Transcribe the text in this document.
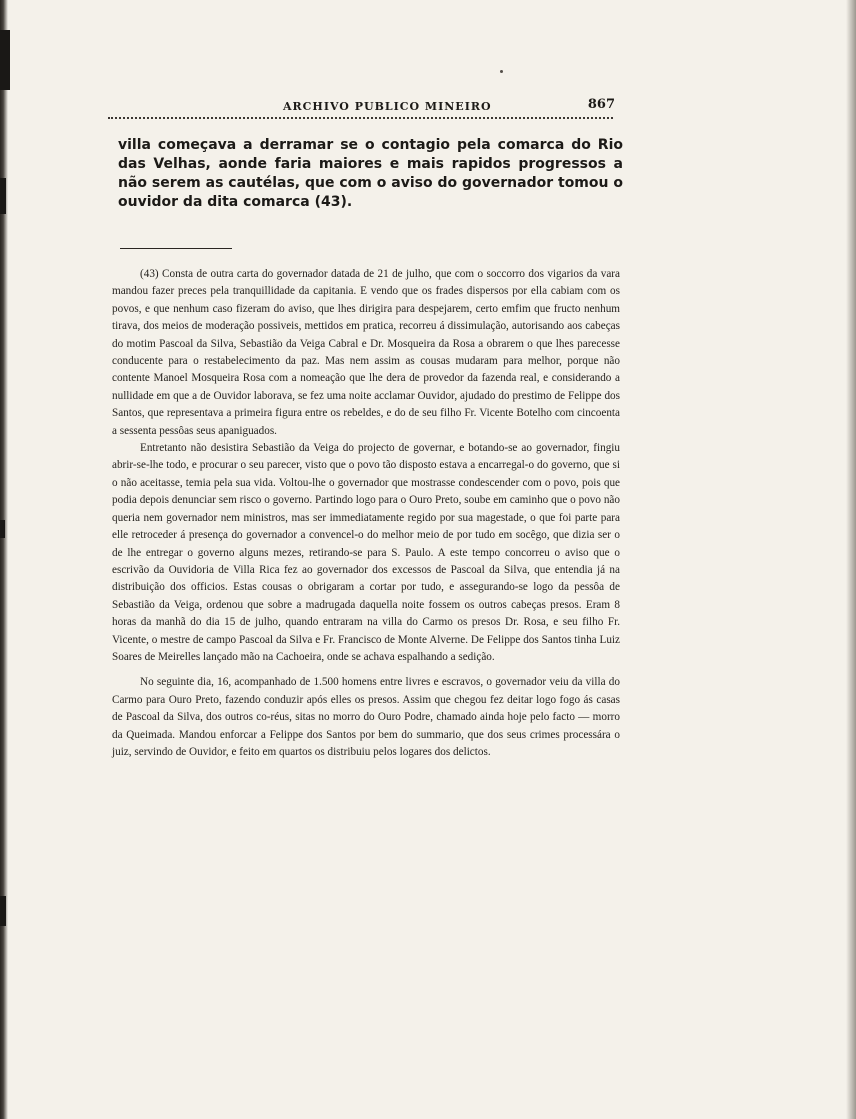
ARCHIVO PUBLICO MINEIRO	867
villa começava a derramar se o contagio pela comarca do Rio das Velhas, aonde faria maiores e mais rapidos progressos a não serem as cautélas, que com o aviso do governador tomou o ouvidor da dita comarca (43).

(43) Consta de outra carta do governador datada de 21 de julho, que com o soccorro dos vigarios da vara mandou fazer preces pela tranquillidade da capitania. E vendo que os frades dispersos por ella cabiam com os povos, e que nenhum caso fizeram do aviso, que lhes dirigira para despejarem, certo emfim que fructo nenhum tirava, dos meios de moderação possiveis, mettidos em pratica, recorreu á dissimulação, autorisando aos cabeças do motim Pascoal da Silva, Sebastião da Veiga Cabral e Dr. Mosqueira da Rosa a obrarem o que lhes parecesse conducente para o restabelecimento da paz. Mas nem assim as cousas mudaram para melhor, porque não contente Manoel Mosqueira Rosa com a nomeação que lhe dera de provedor da fazenda real, e considerando a nullidade em que a de Ouvidor laborava, se fez uma noite acclamar Ouvidor, ajudado do prestimo de Felippe dos Santos, que representava a primeira figura entre os rebeldes, e do de seu filho Fr. Vicente Botelho com cincoenta a sessenta pessôas seus apaniguados.

Entretanto não desistira Sebastião da Veiga do projecto de governar, e botando-se ao governador, fingiu abrir-se-lhe todo, e procurar o seu parecer, visto que o povo tão disposto estava a encarregal-o do governo, que si o não aceitasse, temia pela sua vida. Voltou-lhe o governador que mostrasse condescender com o povo, pois que podia depois denunciar sem risco o governo. Partindo logo para o Ouro Preto, soube em caminho que o povo não queria nem governador nem ministros, mas ser immediatamente regido por sua magestade, o que foi parte para elle retroceder á presença do governador a convencel-o do melhor meio de por tudo em socêgo, que dizia ser o de lhe entregar o governo alguns mezes, retirando-se para S. Paulo. A este tempo concorreu o aviso que o escrivão da Ouvidoria de Villa Rica fez ao governador dos excessos de Pascoal da Silva, que entendia já na distribuição dos officios. Estas cousas o obrigaram a cortar por tudo, e assegurando-se logo da pessôa de Sebastião da Veiga, ordenou que sobre a madrugada daquella noite fossem os outros cabeças presos. Eram 8 horas da manhã do dia 15 de julho, quando entraram na villa do Carmo os presos Dr. Rosa, e seu filho Fr. Vicente, o mestre de campo Pascoal da Silva e Fr. Francisco de Monte Alverne. De Felippe dos Santos tinha Luiz Soares de Meirelles lançado mão na Cachoeira, onde se achava espalhando a sedição.

No seguinte dia, 16, acompanhado de 1.500 homens entre livres e escravos, o governador veiu da villa do Carmo para Ouro Preto, fazendo conduzir após elles os presos. Assim que chegou fez deitar logo fogo ás casas de Pascoal da Silva, dos outros co-réus, sitas no morro do Ouro Podre, chamado ainda hoje pelo facto — morro da Queimada. Mandou enforcar a Felippe dos Santos por bem do summario, que dos seus crimes processára o juiz, servindo de Ouvidor, e feito em quartos os distribuiu pelos logares dos delictos.
